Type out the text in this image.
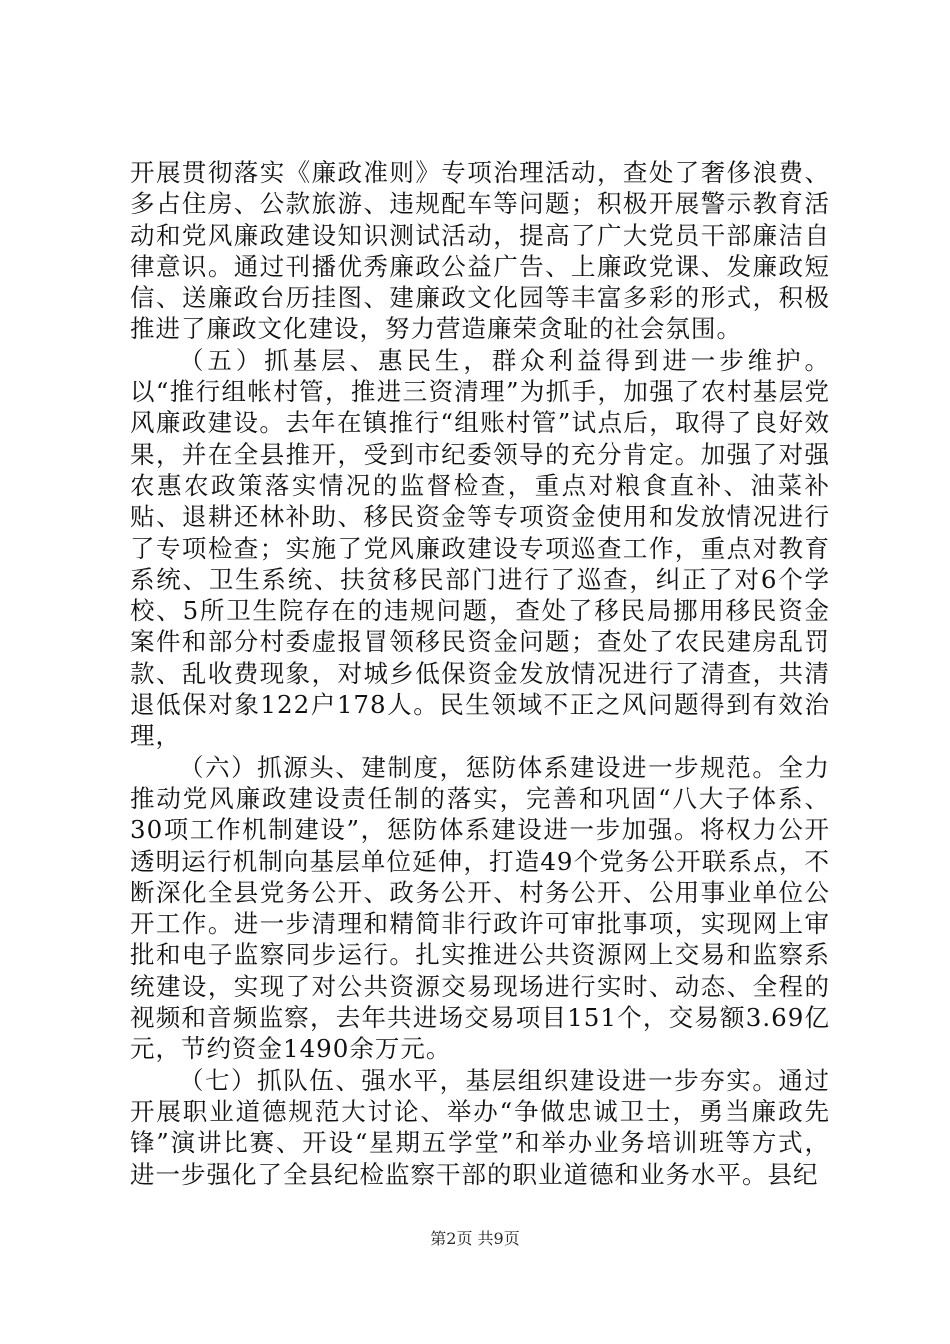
开展贯彻落实《廉政准则》专项治理活动，查处了奢侈浪费、多占住房、公款旅游、违规配车等问题；积极开展警示教育活动和党风廉政建设知识测试活动，提高了广大党员干部廉洁自律意识。通过刊播优秀廉政公益广告、上廉政党课、发廉政短信、送廉政台历挂图、建廉政文化园等丰富多彩的形式，积极推进了廉政文化建设，努力营造廉荣贪耻的社会氛围。

（五）抓基层、惠民生，群众利益得到进一步维护。以“推行组帐村管，推进三资清理”为抓手，加强了农村基层党风廉政建设。去年在镇推行“组账村管”试点后，取得了良好效果，并在全县推开，受到市纪委领导的充分肯定。加强了对强农惠农政策落实情况的监督检查，重点对粮食直补、油菜补贴、退耕还林补助、移民资金等专项资金使用和发放情况进行了专项检查；实施了党风廉政建设专项巡查工作，重点对教育系统、卫生系统、扶贫移民部门进行了巡查，纠正了对6个学校、5所卫生院存在的违规问题，查处了移民局挪用移民资金案件和部分村委虚报冒领移民资金问题；查处了农民建房乱罚款、乱收费现象，对城乡低保资金发放情况进行了清查，共清退低保对象122户178人。民生领域不正之风问题得到有效治理，

（六）抓源头、建制度，惩防体系建设进一步规范。全力推动党风廉政建设责任制的落实，完善和巩固“八大子体系、30项工作机制建设”，惩防体系建设进一步加强。将权力公开透明运行机制向基层单位延伸，打造49个党务公开联系点，不断深化全县党务公开、政务公开、村务公开、公用事业单位公开工作。进一步清理和精简非行政许可审批事项，实现网上审批和电子监察同步运行。扎实推进公共资源网上交易和监察系统建设，实现了对公共资源交易现场进行实时、动态、全程的视频和音频监察，去年共进场交易项目151个，交易额3.69亿元，节约资金1490余万元。

（七）抓队伍、强水平，基层组织建设进一步夯实。通过开展职业道德规范大讨论、举办“争做忠诚卫士，勇当廉政先锋”演讲比赛、开设“星期五学堂”和举办业务培训班等方式，进一步强化了全县纪检监察干部的职业道德和业务水平。县纪

第2页 共9页
